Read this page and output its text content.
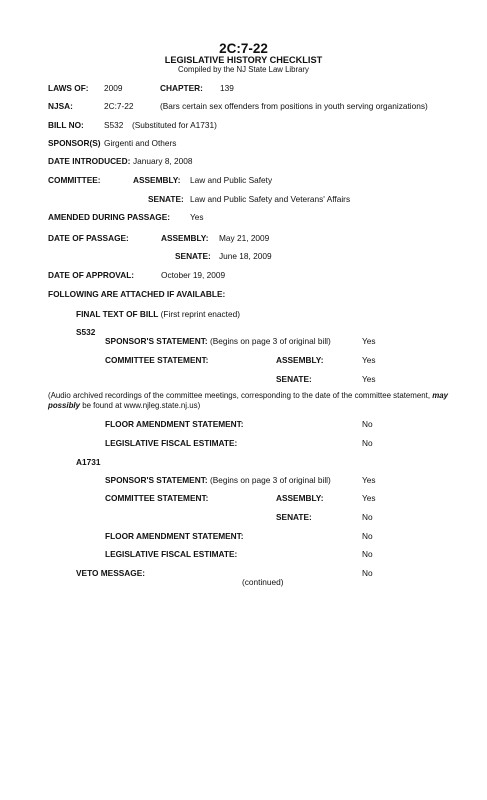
2C:7-22
LEGISLATIVE HISTORY CHECKLIST
Compiled by the NJ State Law Library
LAWS OF: 2009	CHAPTER: 139
NJSA:	2C:7-22	(Bars certain sex offenders from positions in youth serving organizations)
BILL NO: S532 (Substituted for A1731)
SPONSOR(S) Girgenti and Others
DATE INTRODUCED: January 8, 2008
COMMITTEE:	ASSEMBLY: Law and Public Safety
SENATE: Law and Public Safety and Veterans' Affairs
AMENDED DURING PASSAGE: Yes
DATE OF PASSAGE:	ASSEMBLY: May 21, 2009
SENATE: June 18, 2009
DATE OF APPROVAL:	October 19, 2009
FOLLOWING ARE ATTACHED IF AVAILABLE:
FINAL TEXT OF BILL (First reprint enacted)
S532
SPONSOR'S STATEMENT: (Begins on page 3 of original bill)	Yes
COMMITTEE STATEMENT:	ASSEMBLY:	Yes
SENATE:	Yes
(Audio archived recordings of the committee meetings, corresponding to the date of the committee statement, may possibly be found at www.njleg.state.nj.us)
FLOOR AMENDMENT STATEMENT:	No
LEGISLATIVE FISCAL ESTIMATE:	No
A1731
SPONSOR'S STATEMENT: (Begins on page 3 of original bill)	Yes
COMMITTEE STATEMENT:	ASSEMBLY:	Yes
SENATE:	No
FLOOR AMENDMENT STATEMENT:	No
LEGISLATIVE FISCAL ESTIMATE:	No
VETO MESSAGE:	No
(continued)
